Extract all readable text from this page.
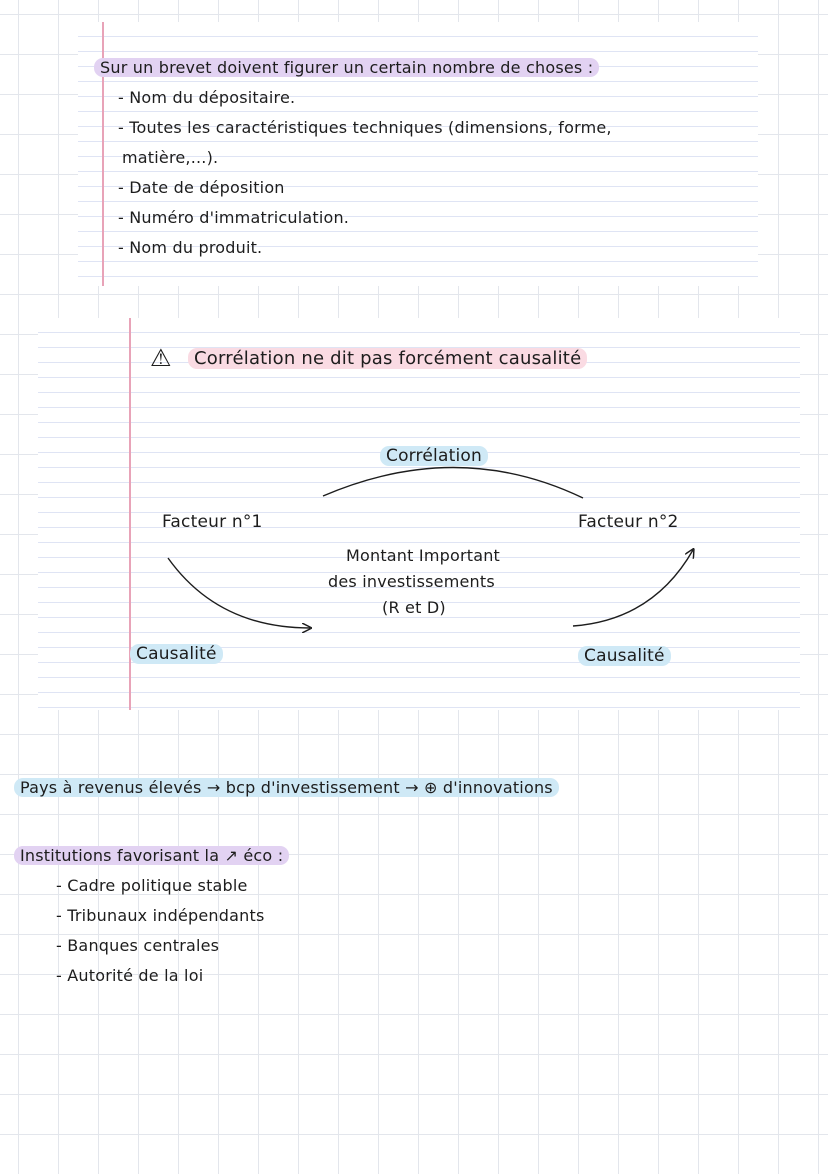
Sur un brevet doivent figurer un certain nombre de choses :
- Nom du dépositaire.
- Toutes les caractéristiques techniques (dimensions, forme,
matière,...).
- Date de déposition
- Numéro d'immatriculation.
- Nom du produit.
⚠	Corrélation ne dit pas forcément causalité
Corrélation
Facteur n°1	Facteur n°2
Montant Important
des investissements
(R et D)
Causalité	Causalité
Pays à revenus élevés → bcp d'investissement → ⊕ d'innovations
Institutions favorisant la ↗ éco :
- Cadre politique stable
- Tribunaux indépendants
- Banques centrales
- Autorité de la loi
